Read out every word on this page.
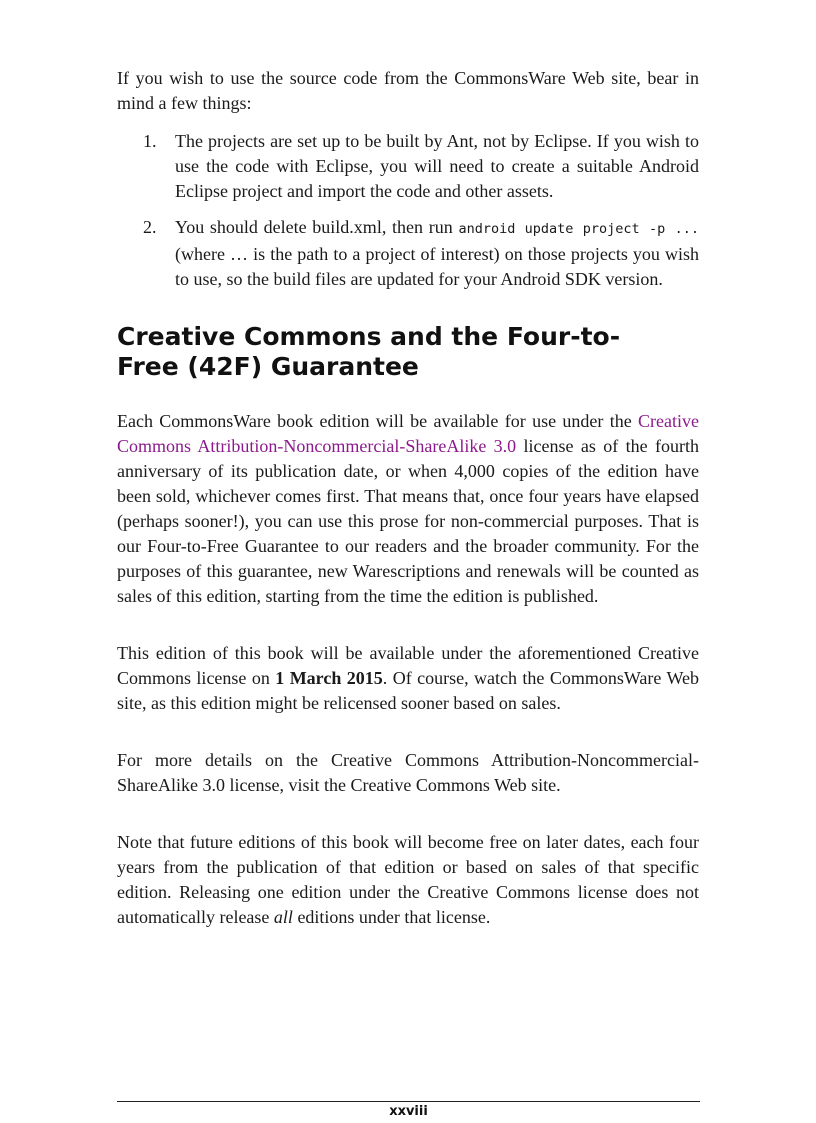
If you wish to use the source code from the CommonsWare Web site, bear in mind a few things:

1. The projects are set up to be built by Ant, not by Eclipse. If you wish to use the code with Eclipse, you will need to create a suitable Android Eclipse project and import the code and other assets.
2. You should delete build.xml, then run android update project -p ... (where … is the path to a project of interest) on those projects you wish to use, so the build files are updated for your Android SDK version.
Creative Commons and the Four-to-Free (42F) Guarantee

Each CommonsWare book edition will be available for use under the Creative Commons Attribution-Noncommercial-ShareAlike 3.0 license as of the fourth anniversary of its publication date, or when 4,000 copies of the edition have been sold, whichever comes first. That means that, once four years have elapsed (perhaps sooner!), you can use this prose for non-commercial purposes. That is our Four-to-Free Guarantee to our readers and the broader community. For the purposes of this guarantee, new Warescriptions and renewals will be counted as sales of this edition, starting from the time the edition is published.

This edition of this book will be available under the aforementioned Creative Commons license on 1 March 2015. Of course, watch the CommonsWare Web site, as this edition might be relicensed sooner based on sales.

For more details on the Creative Commons Attribution-Noncommercial-ShareAlike 3.0 license, visit the Creative Commons Web site.

Note that future editions of this book will become free on later dates, each four years from the publication of that edition or based on sales of that specific edition. Releasing one edition under the Creative Commons license does not automatically release all editions under that license.

xxviii
